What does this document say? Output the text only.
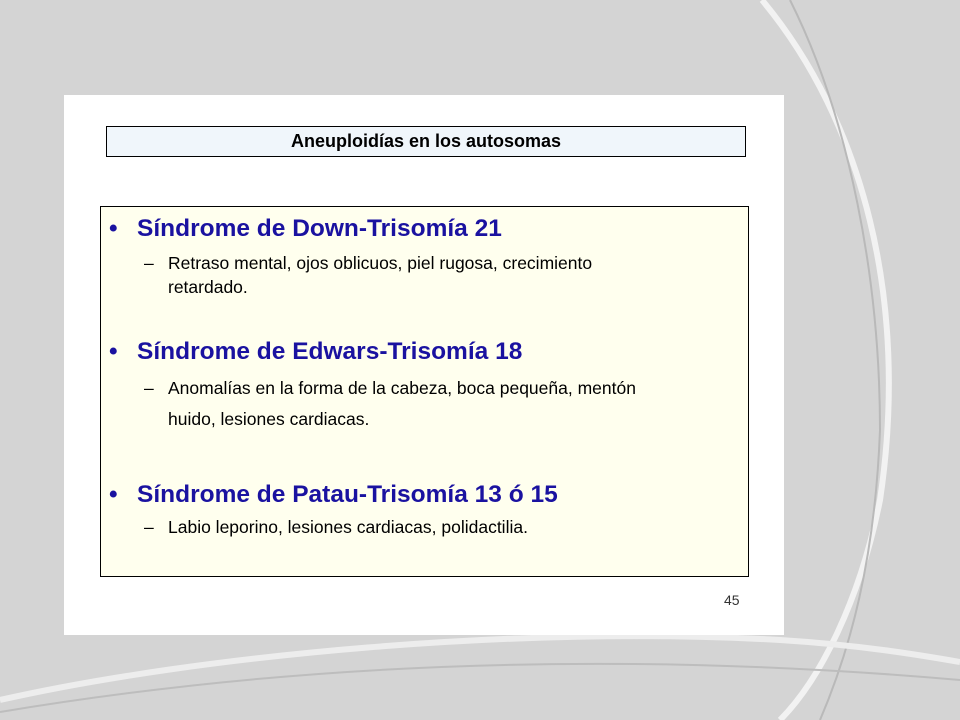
Aneuploidías en los autosomas
• Síndrome de Down-Trisomía 21
– Retraso mental, ojos oblicuos, piel rugosa, crecimiento
retardado.
• Síndrome de Edwars-Trisomía 18
– Anomalías en la forma de la cabeza, boca pequeña, mentón
huido, lesiones cardiacas.
• Síndrome de Patau-Trisomía 13 ó 15
– Labio leporino, lesiones cardiacas, polidactilia.
45
